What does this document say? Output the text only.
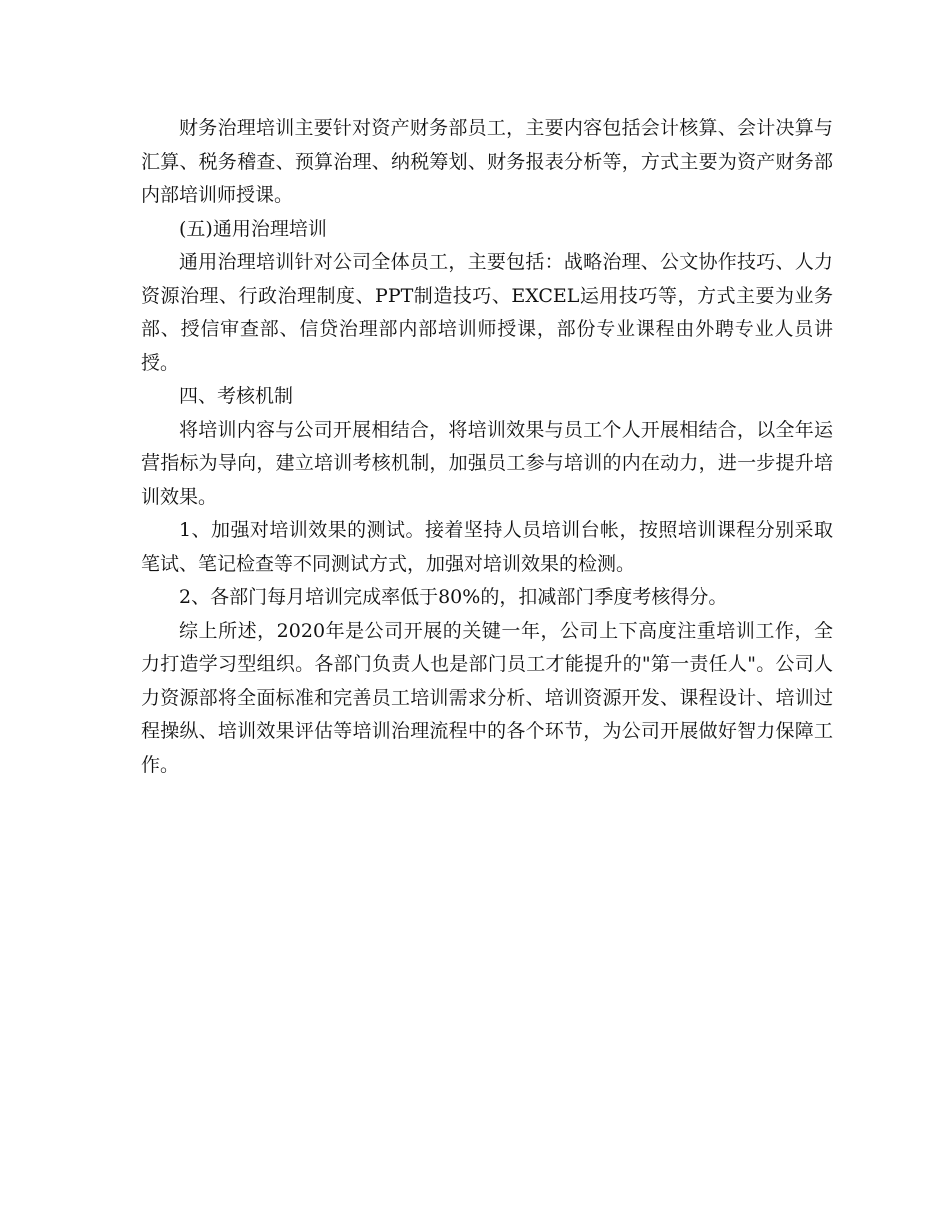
财务治理培训主要针对资产财务部员工，主要内容包括会计核算、会计决算与汇算、税务稽查、预算治理、纳税筹划、财务报表分析等，方式主要为资产财务部内部培训师授课。

(五)通用治理培训

通用治理培训针对公司全体员工，主要包括：战略治理、公文协作技巧、人力资源治理、行政治理制度、PPT制造技巧、EXCEL运用技巧等，方式主要为业务部、授信审查部、信贷治理部内部培训师授课，部份专业课程由外聘专业人员讲授。

四、考核机制

将培训内容与公司开展相结合，将培训效果与员工个人开展相结合，以全年运营指标为导向，建立培训考核机制，加强员工参与培训的内在动力，进一步提升培训效果。

1、加强对培训效果的测试。接着坚持人员培训台帐，按照培训课程分别采取笔试、笔记检查等不同测试方式，加强对培训效果的检测。

2、各部门每月培训完成率低于80%的，扣减部门季度考核得分。

综上所述，2020年是公司开展的关键一年，公司上下高度注重培训工作，全力打造学习型组织。各部门负责人也是部门员工才能提升的"第一责任人"。公司人力资源部将全面标准和完善员工培训需求分析、培训资源开发、课程设计、培训过程操纵、培训效果评估等培训治理流程中的各个环节，为公司开展做好智力保障工作。
